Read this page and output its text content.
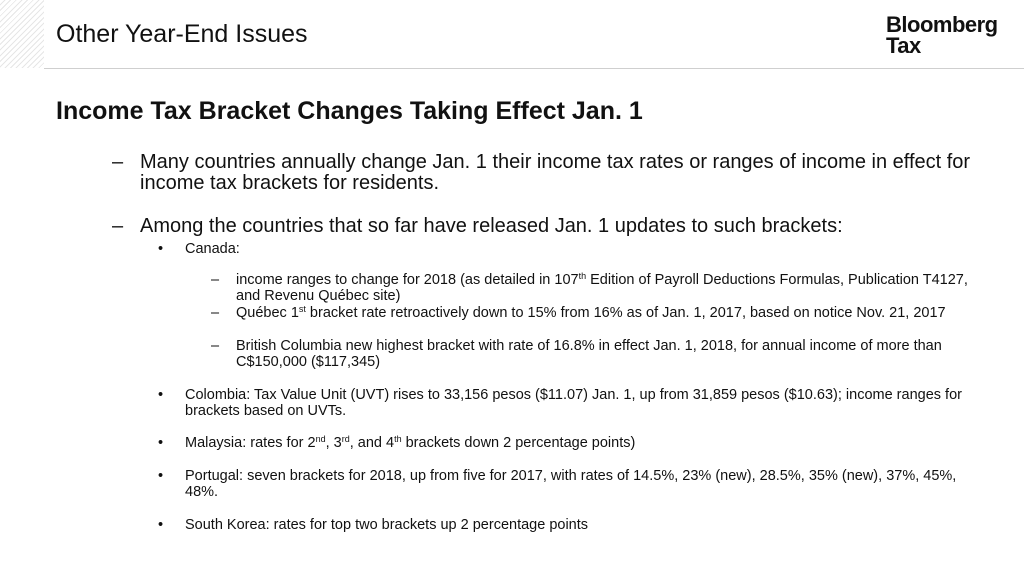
Other Year-End Issues	Bloomberg
Tax
Income Tax Bracket Changes Taking Effect Jan. 1
– Many countries annually change Jan. 1 their income tax rates or ranges of income in effect for income tax brackets for residents.
– Among the countries that so far have released Jan. 1 updates to such brackets:
• Canada:
– income ranges to change for 2018 (as detailed in 107th Edition of Payroll Deductions Formulas, Publication T4127, and Revenu Québec site)
– Québec 1st bracket rate retroactively down to 15% from 16% as of Jan. 1, 2017, based on notice Nov. 21, 2017
– British Columbia new highest bracket with rate of 16.8% in effect Jan. 1, 2018, for annual income of more than C$150,000 ($117,345)
• Colombia: Tax Value Unit (UVT) rises to 33,156 pesos ($11.07) Jan. 1, up from 31,859 pesos ($10.63); income ranges for brackets based on UVTs.
• Malaysia: rates for 2nd, 3rd, and 4th brackets down 2 percentage points)
• Portugal: seven brackets for 2018, up from five for 2017, with rates of 14.5%, 23% (new), 28.5%, 35% (new), 37%, 45%, 48%.
• South Korea: rates for top two brackets up 2 percentage points
